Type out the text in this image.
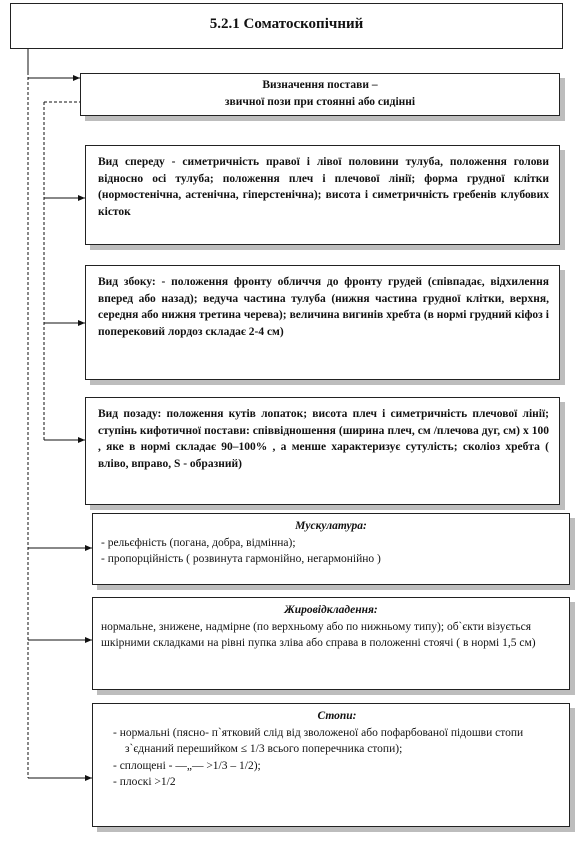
5.2.1 Соматоскопічний
Визначення постави –
звичної пози при стоянні або сидінні
Вид спереду - симетричність правої і лівої половини тулуба, положення голови відносно осі тулуба; положення плеч і плечової лінії; форма грудної клітки (нормостенічна, астенічна, гіперстенічна); висота і симетричність гребенів клубових кісток
Вид збоку: - положення фронту обличчя до фронту грудей (співпадає, відхилення вперед або назад); ведуча частина тулуба (нижня частина грудної клітки, верхня, середня або нижня третина черева); величина вигинів хребта (в нормі грудний кіфоз і поперековий лордоз складає 2-4 см)
Вид позаду: положення кутів лопаток; висота плеч і симетричність плечової лінії; ступінь кифотичної постави: співвідношення (ширина плеч, см /плечова дуг, см) х 100 , яке в нормі складає 90–100% , а менше характеризує сутулість; сколіоз хребта ( вліво, вправо, S - образний)
Мускулатура:
- рельєфність (погана, добра, відмінна);
- пропорційність ( розвинута гармонійно, негармонійно )
Жировідкладення:
нормальне, знижене, надмірне (по верхньому або по нижньому типу); об`єкти візується шкірними складками на рівні пупка зліва або справа в положенні стоячі ( в нормі 1,5 см)
Стопи:
- нормальні (пясно- п`ятковий слід від зволоженої або пофарбованої підошви стопи з`єднаний перешийком ≤ 1/3 всього поперечника стопи);
- сплощені - —„— >1/3 – 1/2);
- плоскі >1/2
